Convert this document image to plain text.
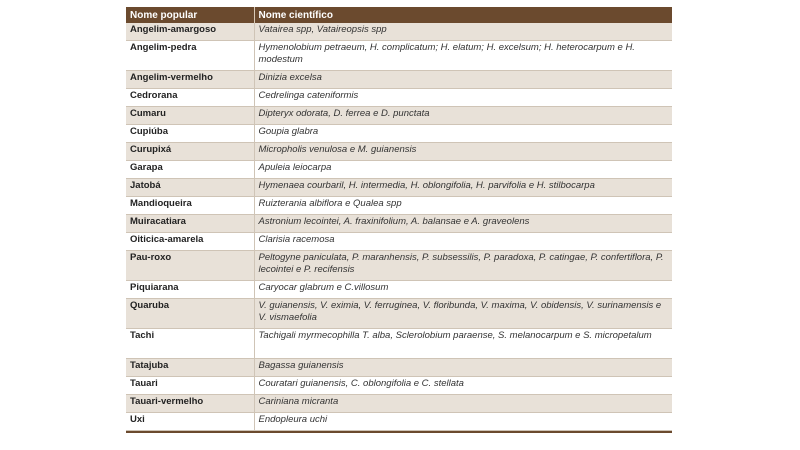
Nome popular	Nome científico
Angelim-amargoso	Vatairea spp, Vataireopsis spp
Angelim-pedra	Hymenolobium petraeum, H. complicatum; H. elatum; H. excelsum; H. heterocarpum e H. modestum
Angelim-vermelho	Dinizia excelsa
Cedrorana	Cedrelinga cateniformis
Cumaru	Dipteryx odorata, D. ferrea e D. punctata
Cupiúba	Goupia glabra
Curupixá	Micropholis venulosa e M. guianensis
Garapa	Apuleia leiocarpa
Jatobá	Hymenaea courbaril, H. intermedia, H. oblongifolia, H. parvifolia e H. stilbocarpa
Mandioqueira	Ruizterania albiflora e Qualea spp
Muiracatiara	Astronium lecointei, A. fraxinifolium, A. balansae e A. graveolens
Oiticica-amarela	Clarisia racemosa
Pau-roxo	Peltogyne paniculata, P. maranhensis, P. subsessilis, P. paradoxa, P. catingae, P. confertiflora, P. lecointei e P. recifensis
Piquiarana	Caryocar glabrum e C.villosum
Quaruba	V. guianensis, V. eximia, V. ferruginea, V. floribunda, V. maxima, V. obidensis, V. surinamensis e V. vismaefolia
Tachi	Tachigali myrmecophilla T. alba, Sclerolobium paraense, S. melanocarpum e S. micropetalum
Tatajuba	Bagassa guianensis
Tauari	Couratari guianensis, C. oblongifolia e C. stellata
Tauari-vermelho	Cariniana micranta
Uxi	Endopleura uchi
